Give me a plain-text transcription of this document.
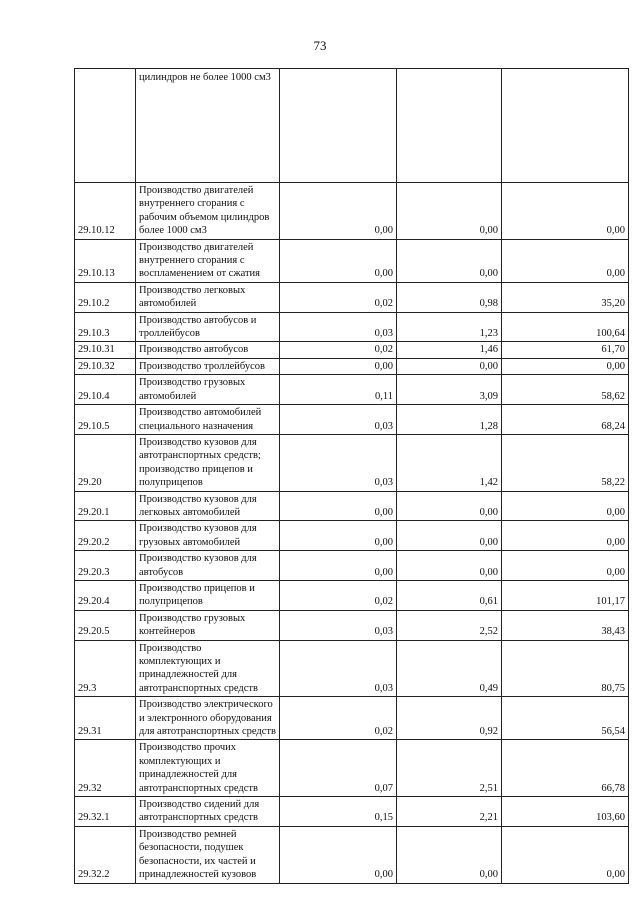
73
	цилиндров не более 1000 см3			
29.10.12	Производство двигателей внутреннего сгорания с рабочим объемом цилиндров более 1000 см3	0,00	0,00	0,00
29.10.13	Производство двигателей внутреннего сгорания с воспламенением от сжатия	0,00	0,00	0,00
29.10.2	Производство легковых автомобилей	0,02	0,98	35,20
29.10.3	Производство автобусов и троллейбусов	0,03	1,23	100,64
29.10.31	Производство автобусов	0,02	1,46	61,70
29.10.32	Производство троллейбусов	0,00	0,00	0,00
29.10.4	Производство грузовых автомобилей	0,11	3,09	58,62
29.10.5	Производство автомобилей специального назначения	0,03	1,28	68,24
29.20	Производство кузовов для автотранспортных средств; производство прицепов и полуприцепов	0,03	1,42	58,22
29.20.1	Производство кузовов для легковых автомобилей	0,00	0,00	0,00
29.20.2	Производство кузовов для грузовых автомобилей	0,00	0,00	0,00
29.20.3	Производство кузовов для автобусов	0,00	0,00	0,00
29.20.4	Производство прицепов и полуприцепов	0,02	0,61	101,17
29.20.5	Производство грузовых контейнеров	0,03	2,52	38,43
29.3	Производство комплектующих и принадлежностей для автотранспортных средств	0,03	0,49	80,75
29.31	Производство электрического и электронного оборудования для автотранспортных средств	0,02	0,92	56,54
29.32	Производство прочих комплектующих и принадлежностей для автотранспортных средств	0,07	2,51	66,78
29.32.1	Производство сидений для автотранспортных средств	0,15	2,21	103,60
29.32.2	Производство ремней безопасности, подушек безопасности, их частей и принадлежностей кузовов	0,00	0,00	0,00
